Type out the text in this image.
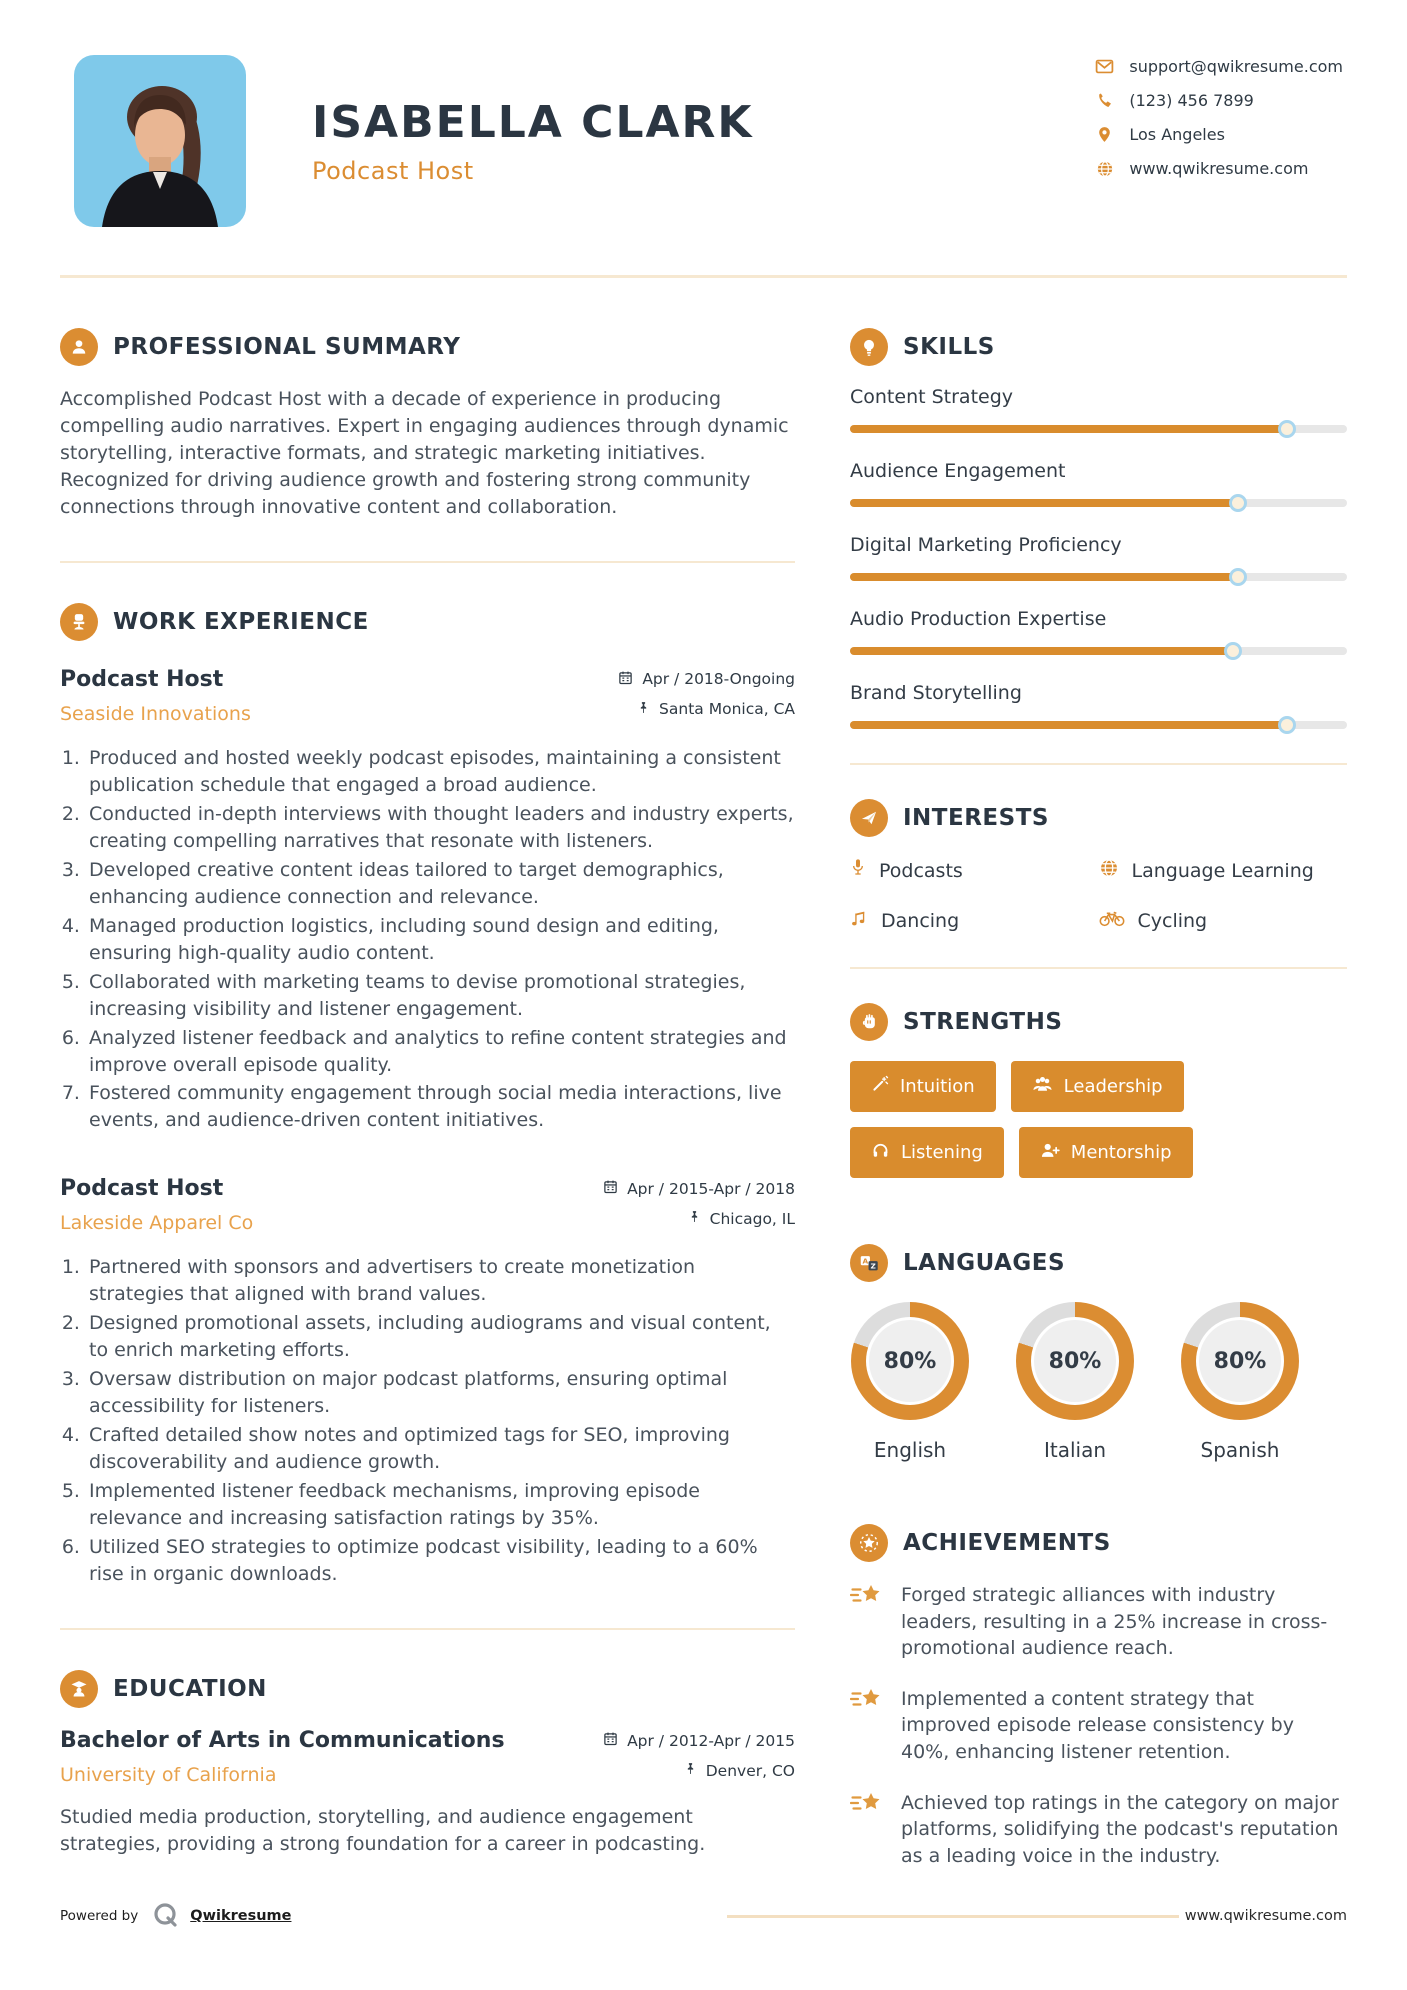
ISABELLA CLARK
Podcast Host
support@qwikresume.com
(123) 456 7899
Los Angeles
www.qwikresume.com
PROFESSIONAL SUMMARY

Accomplished Podcast Host with a decade of experience in producing compelling audio narratives. Expert in engaging audiences through dynamic storytelling, interactive formats, and strategic marketing initiatives. Recognized for driving audience growth and fostering strong community connections through innovative content and collaboration.

WORK EXPERIENCE
Podcast Host
Seaside Innovations
Apr / 2018-Ongoing
Santa Monica, CA
1. Produced and hosted weekly podcast episodes, maintaining a consistent publication schedule that engaged a broad audience.
2. Conducted in-depth interviews with thought leaders and industry experts, creating compelling narratives that resonate with listeners.
3. Developed creative content ideas tailored to target demographics, enhancing audience connection and relevance.
4. Managed production logistics, including sound design and editing, ensuring high-quality audio content.
5. Collaborated with marketing teams to devise promotional strategies, increasing visibility and listener engagement.
6. Analyzed listener feedback and analytics to refine content strategies and improve overall episode quality.
7. Fostered community engagement through social media interactions, live events, and audience-driven content initiatives.
Podcast Host
Lakeside Apparel Co
Apr / 2015-Apr / 2018
Chicago, IL
1. Partnered with sponsors and advertisers to create monetization strategies that aligned with brand values.
2. Designed promotional assets, including audiograms and visual content, to enrich marketing efforts.
3. Oversaw distribution on major podcast platforms, ensuring optimal accessibility for listeners.
4. Crafted detailed show notes and optimized tags for SEO, improving discoverability and audience growth.
5. Implemented listener feedback mechanisms, improving episode relevance and increasing satisfaction ratings by 35%.
6. Utilized SEO strategies to optimize podcast visibility, leading to a 60% rise in organic downloads.
EDUCATION
Bachelor of Arts in Communications
University of California
Apr / 2012-Apr / 2015
Denver, CO

Studied media production, storytelling, and audience engagement strategies, providing a strong foundation for a career in podcasting.

SKILLS
Content Strategy
Audience Engagement
Digital Marketing Proficiency
Audio Production Expertise
Brand Storytelling
INTERESTS
Podcasts	Language Learning
Dancing	Cycling
STRENGTHS
Intuition	Leadership
Listening	Mentorship
A
Z LANGUAGES
80%
English
80%
Italian
80%
Spanish
ACHIEVEMENTS
Forged strategic alliances with industry leaders, resulting in a 25% increase in cross-promotional audience reach.
Implemented a content strategy that improved episode release consistency by 40%, enhancing listener retention.
Achieved top ratings in the category on major platforms, solidifying the podcast's reputation as a leading voice in the industry.
Powered by	Qwikresume	www.qwikresume.com
